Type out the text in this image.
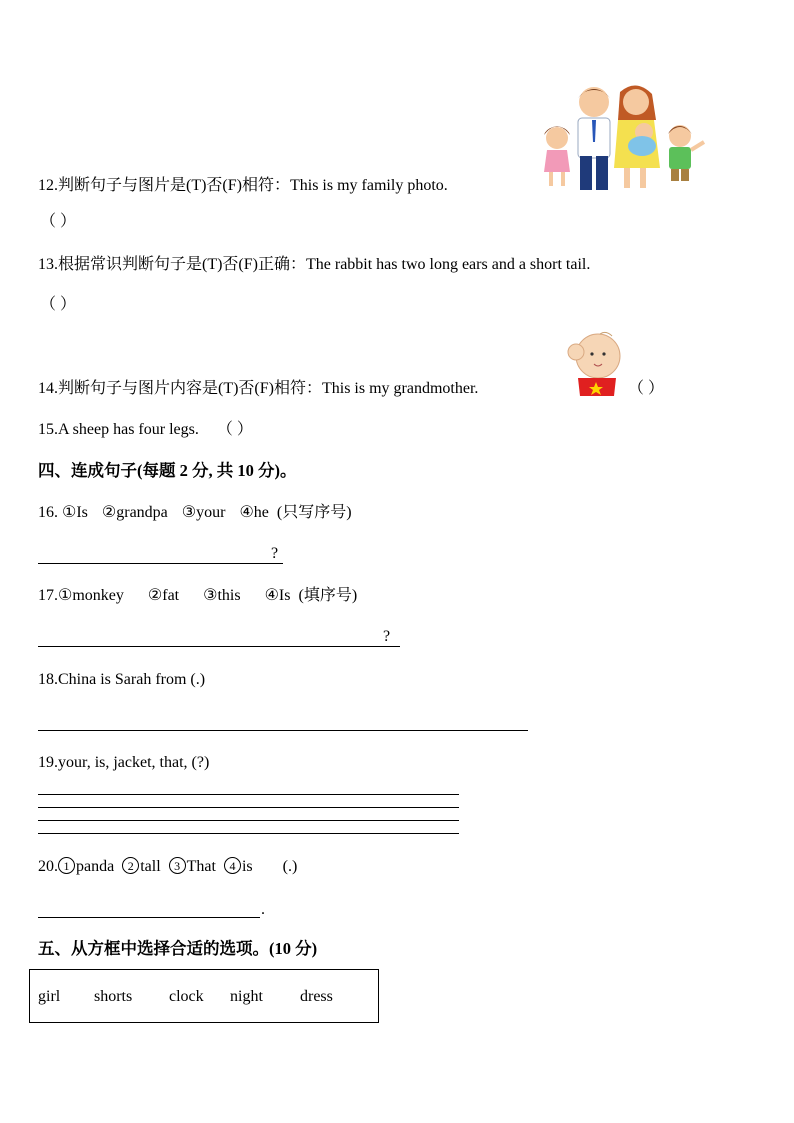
12.判断句子与图片是(T)否(F)相符：This is my family photo.
（ ）
13.根据常识判断句子是(T)否(F)正确：The rabbit has two long ears and a short tail.
（ ）
14.判断句子与图片内容是(T)否(F)相符：This is my grandmother.	（ ）
15.A sheep has four legs. （ ）
四、连成句子(每题 2 分, 共 10 分)。
16. ①Is ②grandpa ③your ④he (只写序号)
?
17.①monkey ②fat ③this ④Is (填序号)
?
18.China is Sarah from (.)
19.your, is, jacket, that, (?)
20. 1 panda 2 tall 3 That 4 is (.)
.
五、从方框中选择合适的选项。(10 分)
girl shorts clock night dress
